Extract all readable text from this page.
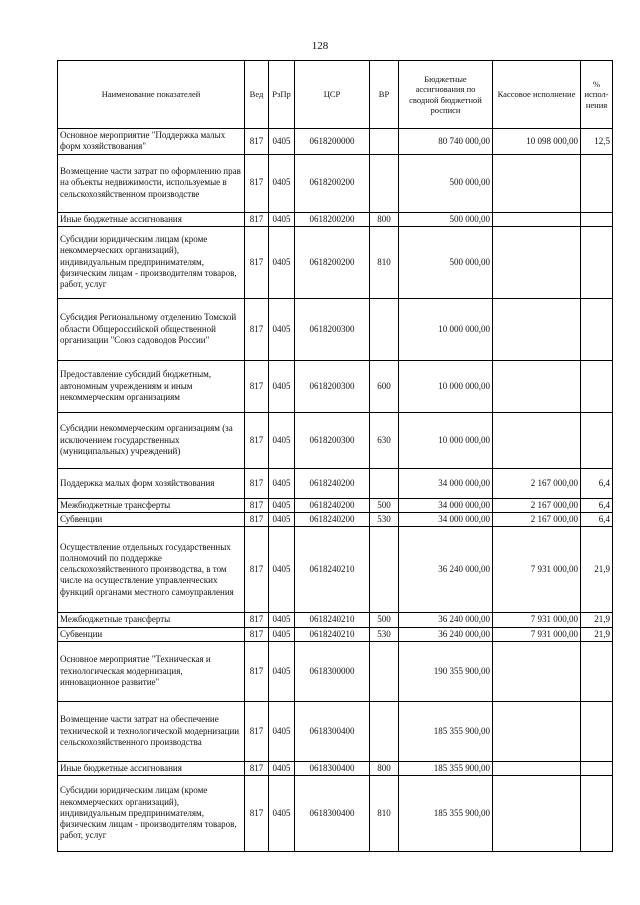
128
Наименование показателей	Вед	РзПр	ЦСР	ВР	Бюджетные ассигнования по сводной бюджетной росписи	Кассовое исполнение	% испол-нения
Основное мероприятие "Поддержка малых форм хозяйствования"	817	0405	0618200000		80 740 000,00	10 098 000,00	12,5
Возмещение части затрат по оформлению прав на объекты недвижимости, используемые в сельскохозяйственном производстве	817	0405	0618200200		500 000,00		
Иные бюджетные ассигнования	817	0405	0618200200	800	500 000,00		
Субсидии юридическим лицам (кроме некоммерческих организаций), индивидуальным предпринимателям, физическим лицам - производителям товаров, работ, услуг	817	0405	0618200200	810	500 000,00		
Субсидия Региональному отделению Томской области Общероссийской общественной организации "Союз садоводов России"	817	0405	0618200300		10 000 000,00		
Предоставление субсидий бюджетным, автономным учреждениям и иным некоммерческим организациям	817	0405	0618200300	600	10 000 000,00		
Субсидии некоммерческим организациям (за исключением государственных (муниципальных) учреждений)	817	0405	0618200300	630	10 000 000,00		
Поддержка малых форм хозяйствования	817	0405	0618240200		34 000 000,00	2 167 000,00	6,4
Межбюджетные трансферты	817	0405	0618240200	500	34 000 000,00	2 167 000,00	6,4
Субвенции	817	0405	0618240200	530	34 000 000,00	2 167 000,00	6,4
Осуществление отдельных государственных полномочий по поддержке сельскохозяйственного производства, в том числе на осуществление управленческих функций органами местного самоуправления	817	0405	0618240210		36 240 000,00	7 931 000,00	21,9
Межбюджетные трансферты	817	0405	0618240210	500	36 240 000,00	7 931 000,00	21,9
Субвенции	817	0405	0618240210	530	36 240 000,00	7 931 000,00	21,9
Основное мероприятие "Техническая и технологическая модернизация, инновационное развитие"	817	0405	0618300000		190 355 900,00		
Возмещение части затрат на обеспечение технической и технологической модернизации сельскохозяйственного производства	817	0405	0618300400		185 355 900,00		
Иные бюджетные ассигнования	817	0405	0618300400	800	185 355 900,00		
Субсидии юридическим лицам (кроме некоммерческих организаций), индивидуальным предпринимателям, физическим лицам - производителям товаров, работ, услуг	817	0405	0618300400	810	185 355 900,00		
